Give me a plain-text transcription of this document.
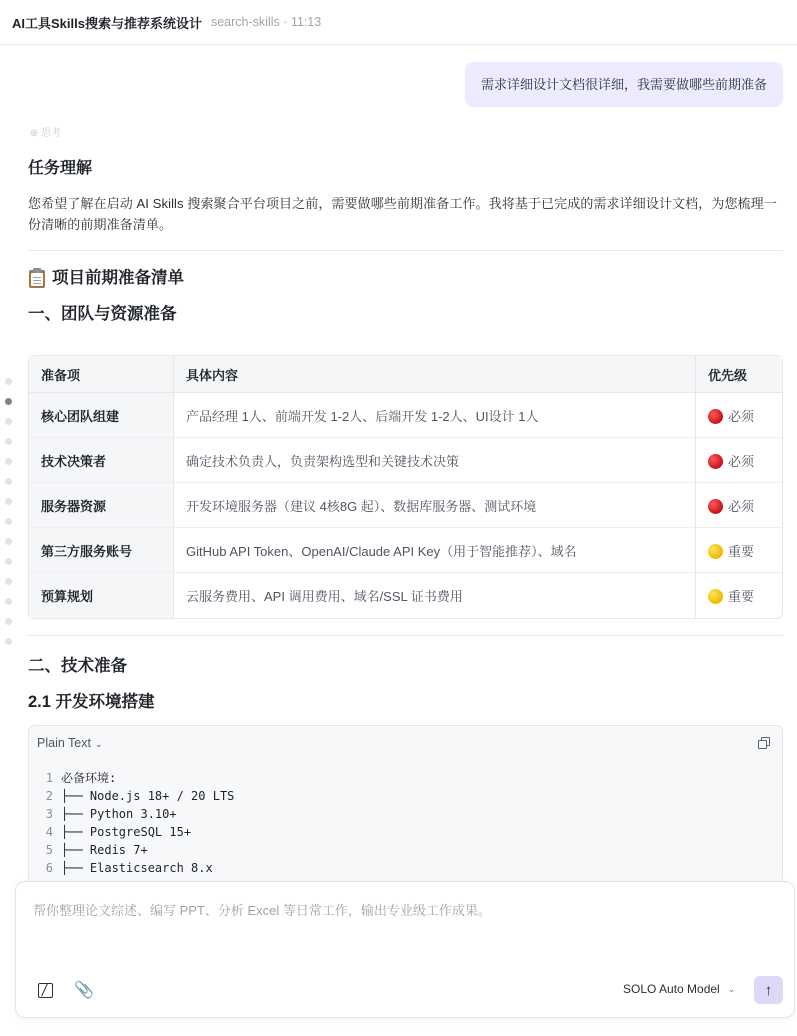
AI工具Skills搜索与推荐系统设计 search-skills · 11:13
需求详细设计文档很详细，我需要做哪些前期准备
⊕ 思考
任务理解
您希望了解在启动 AI Skills 搜索聚合平台项目之前，需要做哪些前期准备工作。我将基于已完成的需求详细设计文档，为您梳理一
份清晰的前期准备清单。
项目前期准备清单
一、团队与资源准备
准备项	具体内容	优先级
核心团队组建	产品经理 1人、前端开发 1-2人、后端开发 1-2人、UI设计 1人	必须
技术决策者	确定技术负责人，负责架构选型和关键技术决策	必须
服务器资源	开发环境服务器（建议 4核8G 起）、数据库服务器、测试环境	必须
第三方服务账号	GitHub API Token、OpenAI/Claude API Key（用于智能推荐）、域名	重要
预算规划	云服务费用、API 调用费用、域名/SSL 证书费用	重要
二、技术准备
2.1 开发环境搭建
Plain Text ⌄
1 必备环境:
2 ├── Node.js 18+ / 20 LTS
3 ├── Python 3.10+
4 ├── PostgreSQL 15+
5 ├── Redis 7+
6 ├── Elasticsearch 8.x
帮你整理论文综述、编写 PPT、分析 Excel 等日常工作，输出专业级工作成果。
📎	SOLO Auto Model ⌄ ↑
